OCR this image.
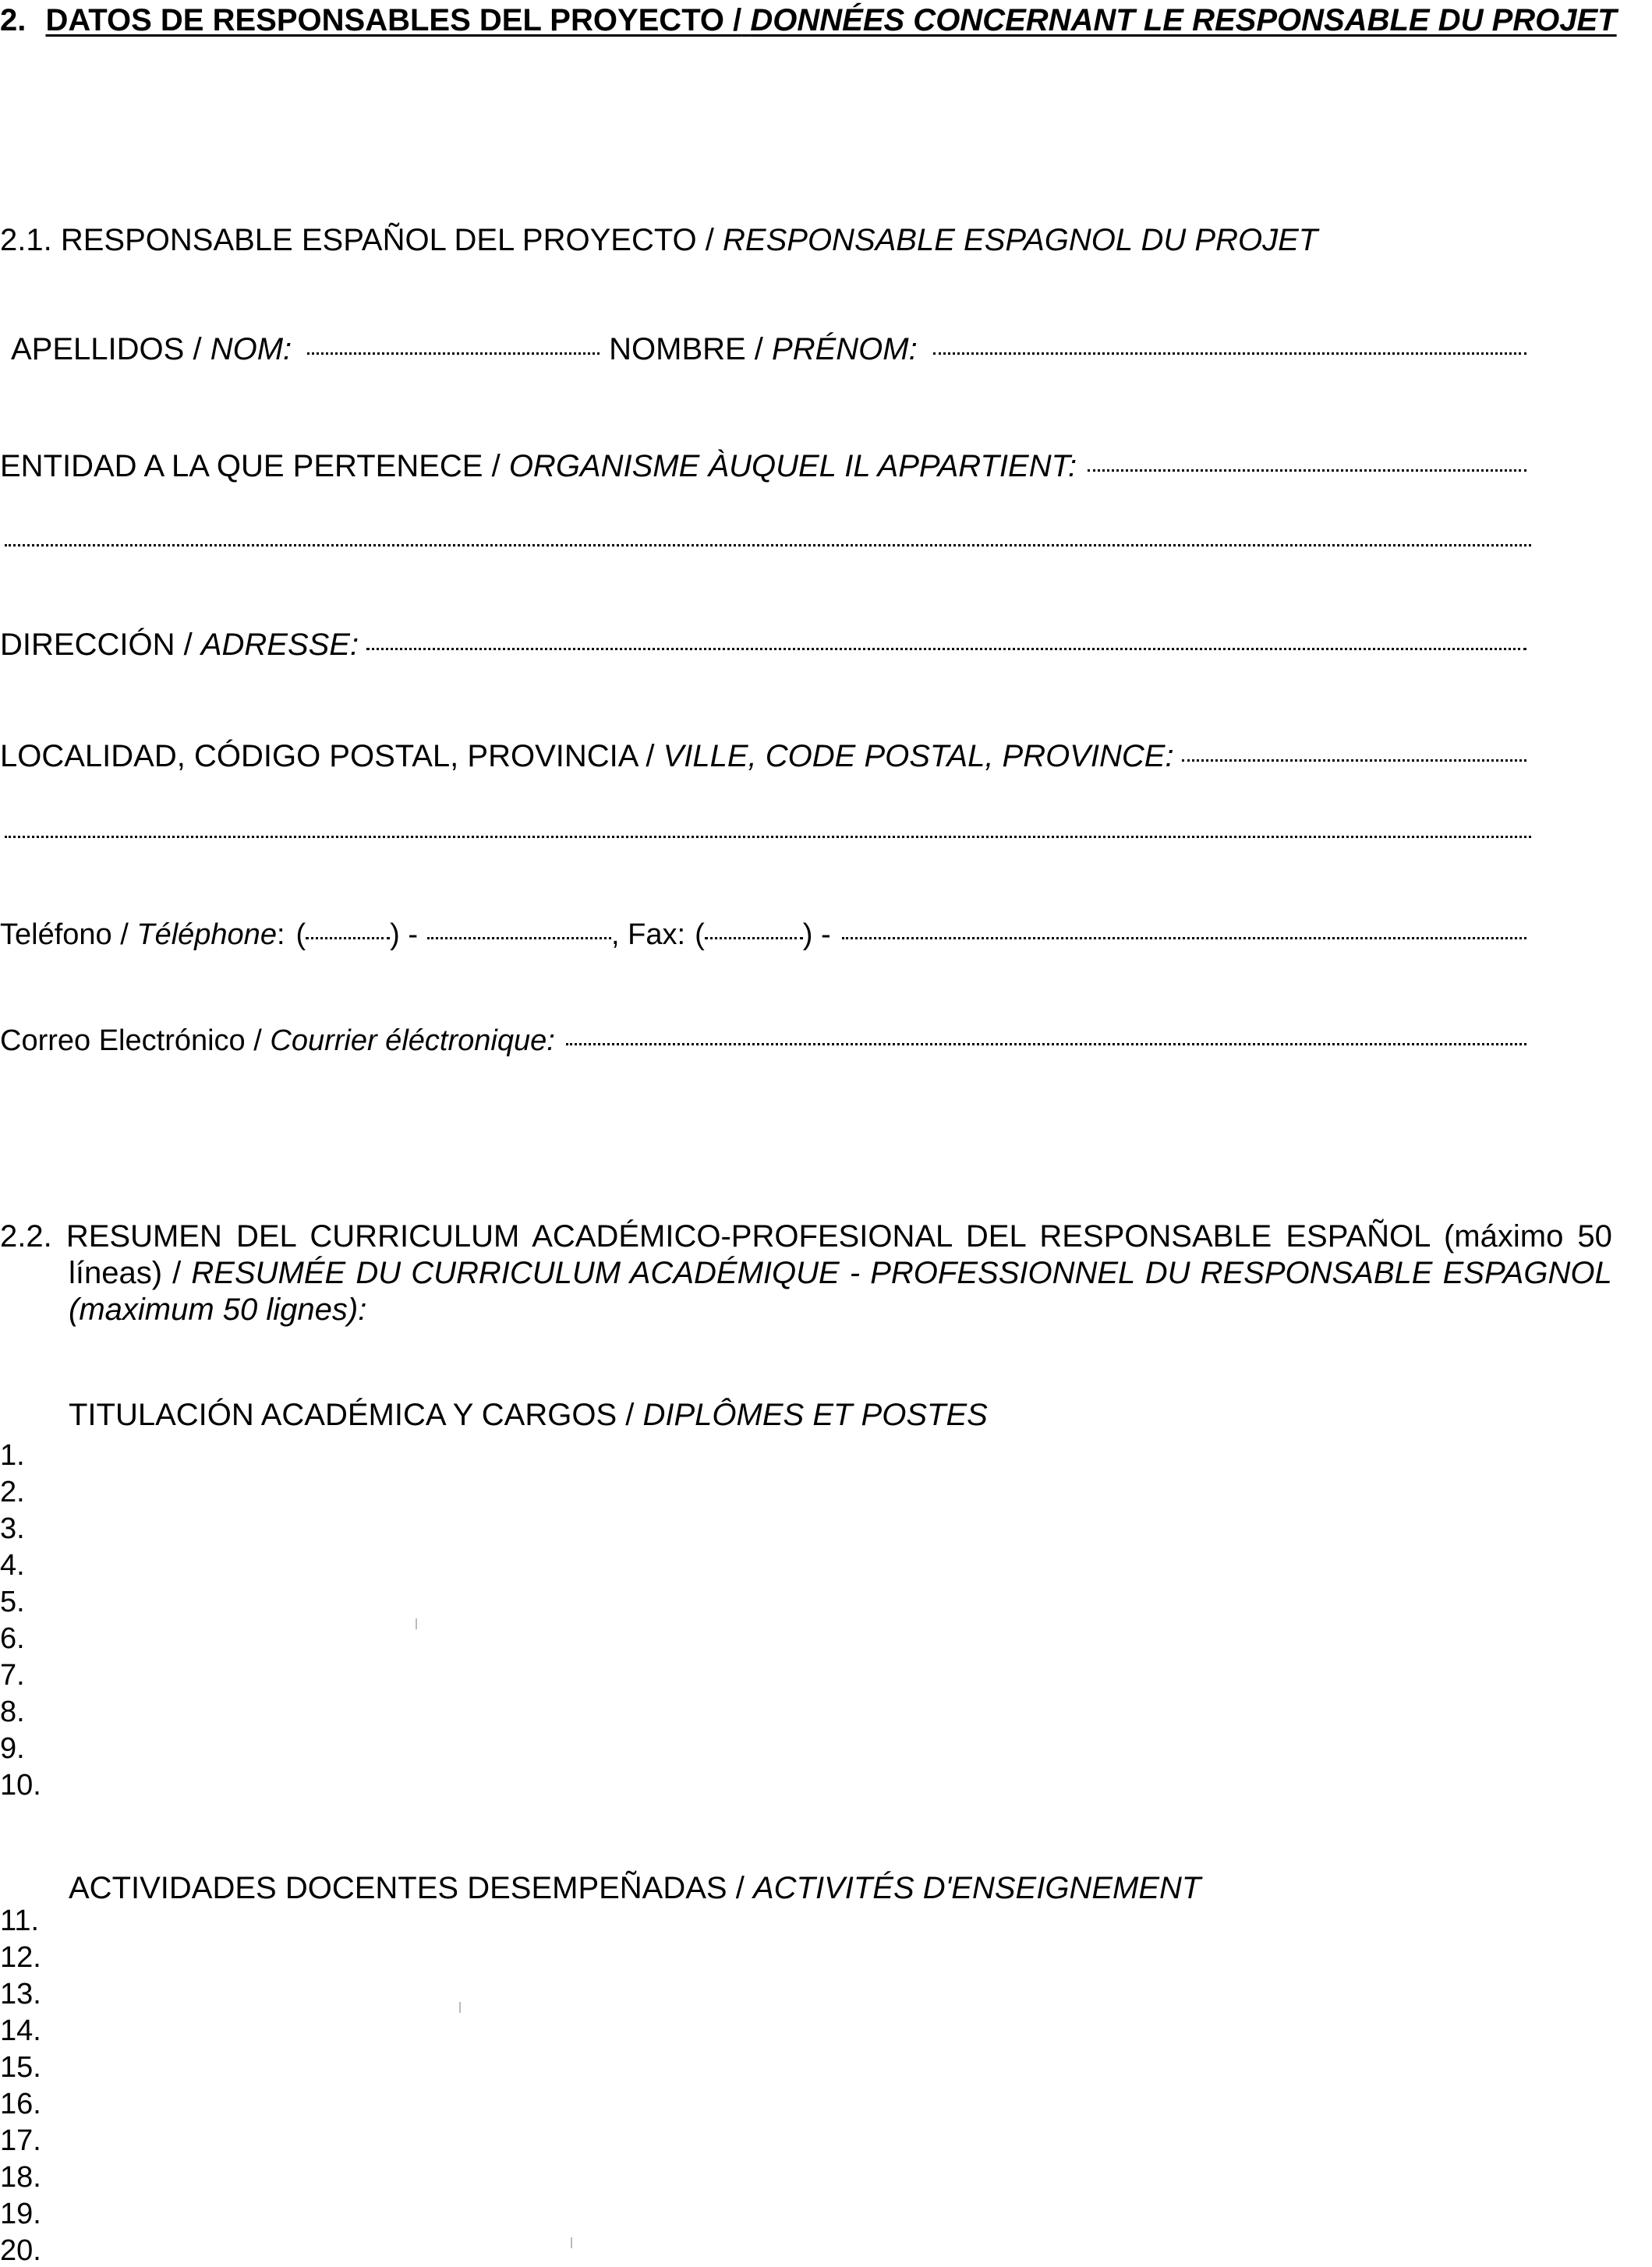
2. DATOS DE RESPONSABLES DEL PROYECTO / DONNÉES CONCERNANT LE RESPONSABLE DU PROJET
2.1. RESPONSABLE ESPAÑOL DEL PROYECTO / RESPONSABLE ESPAGNOL DU PROJET
APELLIDOS /
NOM:	NOMBRE /
PRÉNOM:
ENTIDAD A LA QUE PERTENECE /
ORGANISME ÀUQUEL IL APPARTIENT:
DIRECCIÓN /
ADRESSE:
LOCALIDAD, CÓDIGO POSTAL, PROVINCIA /
VILLE, CODE POSTAL, PROVINCE:
Teléfono /
Téléphone : (	) -	, Fax: (	) -
Correo Electrónico /
Courrier éléctronique:
2.2. RESUMEN DEL CURRICULUM ACADÉMICO-PROFESIONAL DEL RESPONSABLE ESPAÑOL (máximo 50
líneas) / RESUMÉE DU CURRICULUM ACADÉMIQUE - PROFESSIONNEL DU RESPONSABLE ESPAGNOL
(maximum 50 lignes):
TITULACIÓN ACADÉMICA Y CARGOS / DIPLÔMES ET POSTES
ACTIVIDADES DOCENTES DESEMPEÑADAS / ACTIVITÉS D'ENSEIGNEMENT
1.
2.
3.
4.
5.
6.
7.
8.
9.
10.
11.
12.
13.
14.
15.
16.
17.
18.
19.
20.
